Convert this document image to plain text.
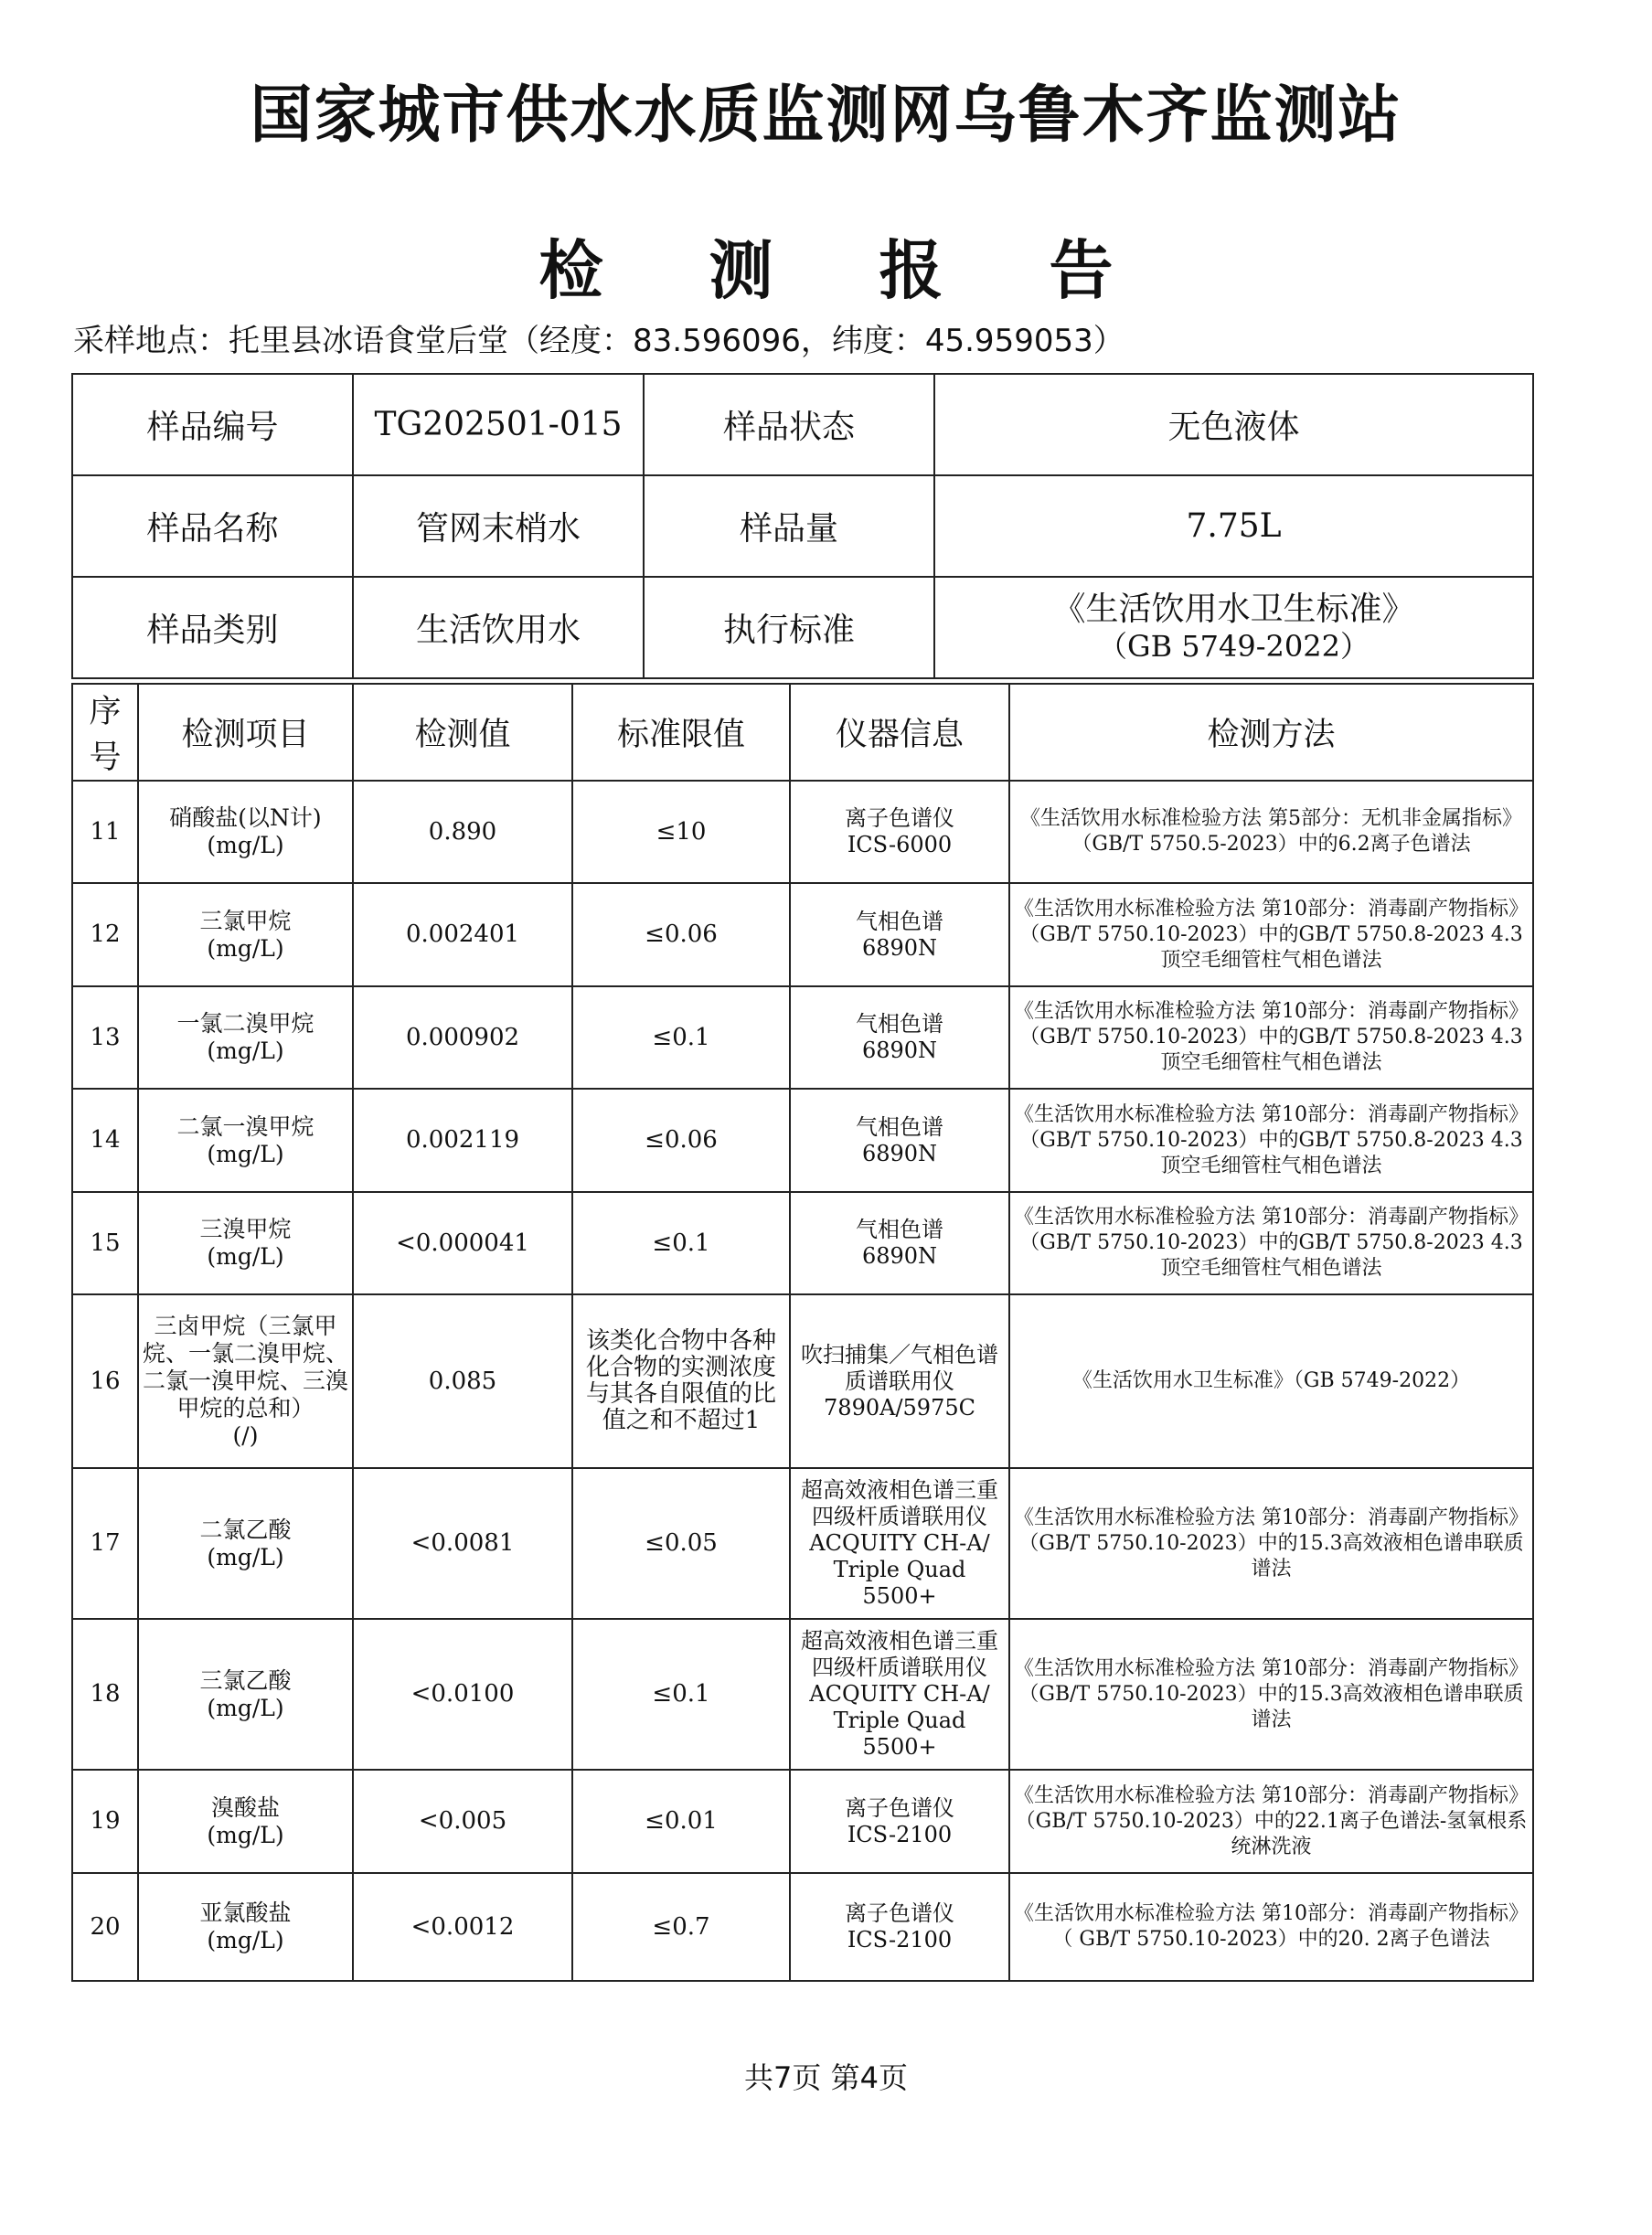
国家城市供水水质监测网乌鲁木齐监测站
检 测 报 告
采样地点：托里县冰语食堂后堂（经度：83.596096，纬度：45.959053）
样品编号	TG202501-015	样品状态	无色液体
样品名称	管网末梢水	样品量	7.75L
样品类别	生活饮用水	执行标准	《生活饮用水卫生标准》
（GB 5749-2022）
序号	检测项目	检测值	标准限值	仪器信息	检测方法
11	硝酸盐(以N计)
(mg/L)	0.890	≤10	离子色谱仪
ICS-6000	《生活饮用水标准检验方法 第5部分：无机非金属指标》（GB/T 5750.5-2023）中的6.2离子色谱法
12	三氯甲烷
(mg/L)	0.002401	≤0.06	气相色谱
6890N	《生活饮用水标准检验方法 第10部分：消毒副产物指标》（GB/T 5750.10-2023）中的GB/T 5750.8-2023 4.3顶空毛细管柱气相色谱法
13	一氯二溴甲烷
(mg/L)	0.000902	≤0.1	气相色谱
6890N	《生活饮用水标准检验方法 第10部分：消毒副产物指标》（GB/T 5750.10-2023）中的GB/T 5750.8-2023 4.3顶空毛细管柱气相色谱法
14	二氯一溴甲烷
(mg/L)	0.002119	≤0.06	气相色谱
6890N	《生活饮用水标准检验方法 第10部分：消毒副产物指标》（GB/T 5750.10-2023）中的GB/T 5750.8-2023 4.3顶空毛细管柱气相色谱法
15	三溴甲烷
(mg/L)	<0.000041	≤0.1	气相色谱
6890N	《生活饮用水标准检验方法 第10部分：消毒副产物指标》（GB/T 5750.10-2023）中的GB/T 5750.8-2023 4.3顶空毛细管柱气相色谱法
16	三卤甲烷（三氯甲烷、一氯二溴甲烷、二氯一溴甲烷、三溴甲烷的总和）
(/)	0.085	该类化合物中各种化合物的实测浓度与其各自限值的比值之和不超过1	吹扫捕集／气相色谱质谱联用仪
7890A/5975C	《生活饮用水卫生标准》（GB 5749-2022）
17	二氯乙酸
(mg/L)	<0.0081	≤0.05	超高效液相色谱三重四级杆质谱联用仪
ACQUITY CH-A/
Triple Quad 5500+	《生活饮用水标准检验方法 第10部分：消毒副产物指标》（GB/T 5750.10-2023）中的15.3高效液相色谱串联质谱法
18	三氯乙酸
(mg/L)	<0.0100	≤0.1	超高效液相色谱三重四级杆质谱联用仪
ACQUITY CH-A/
Triple Quad 5500+	《生活饮用水标准检验方法 第10部分：消毒副产物指标》（GB/T 5750.10-2023）中的15.3高效液相色谱串联质谱法
19	溴酸盐
(mg/L)	<0.005	≤0.01	离子色谱仪
ICS-2100	《生活饮用水标准检验方法 第10部分：消毒副产物指标》（GB/T 5750.10-2023）中的22.1离子色谱法-氢氧根系统淋洗液
20	亚氯酸盐
(mg/L)	<0.0012	≤0.7	离子色谱仪
ICS-2100	《生活饮用水标准检验方法 第10部分：消毒副产物指标》（ GB/T 5750.10-2023）中的20. 2离子色谱法
共7页 第4页
